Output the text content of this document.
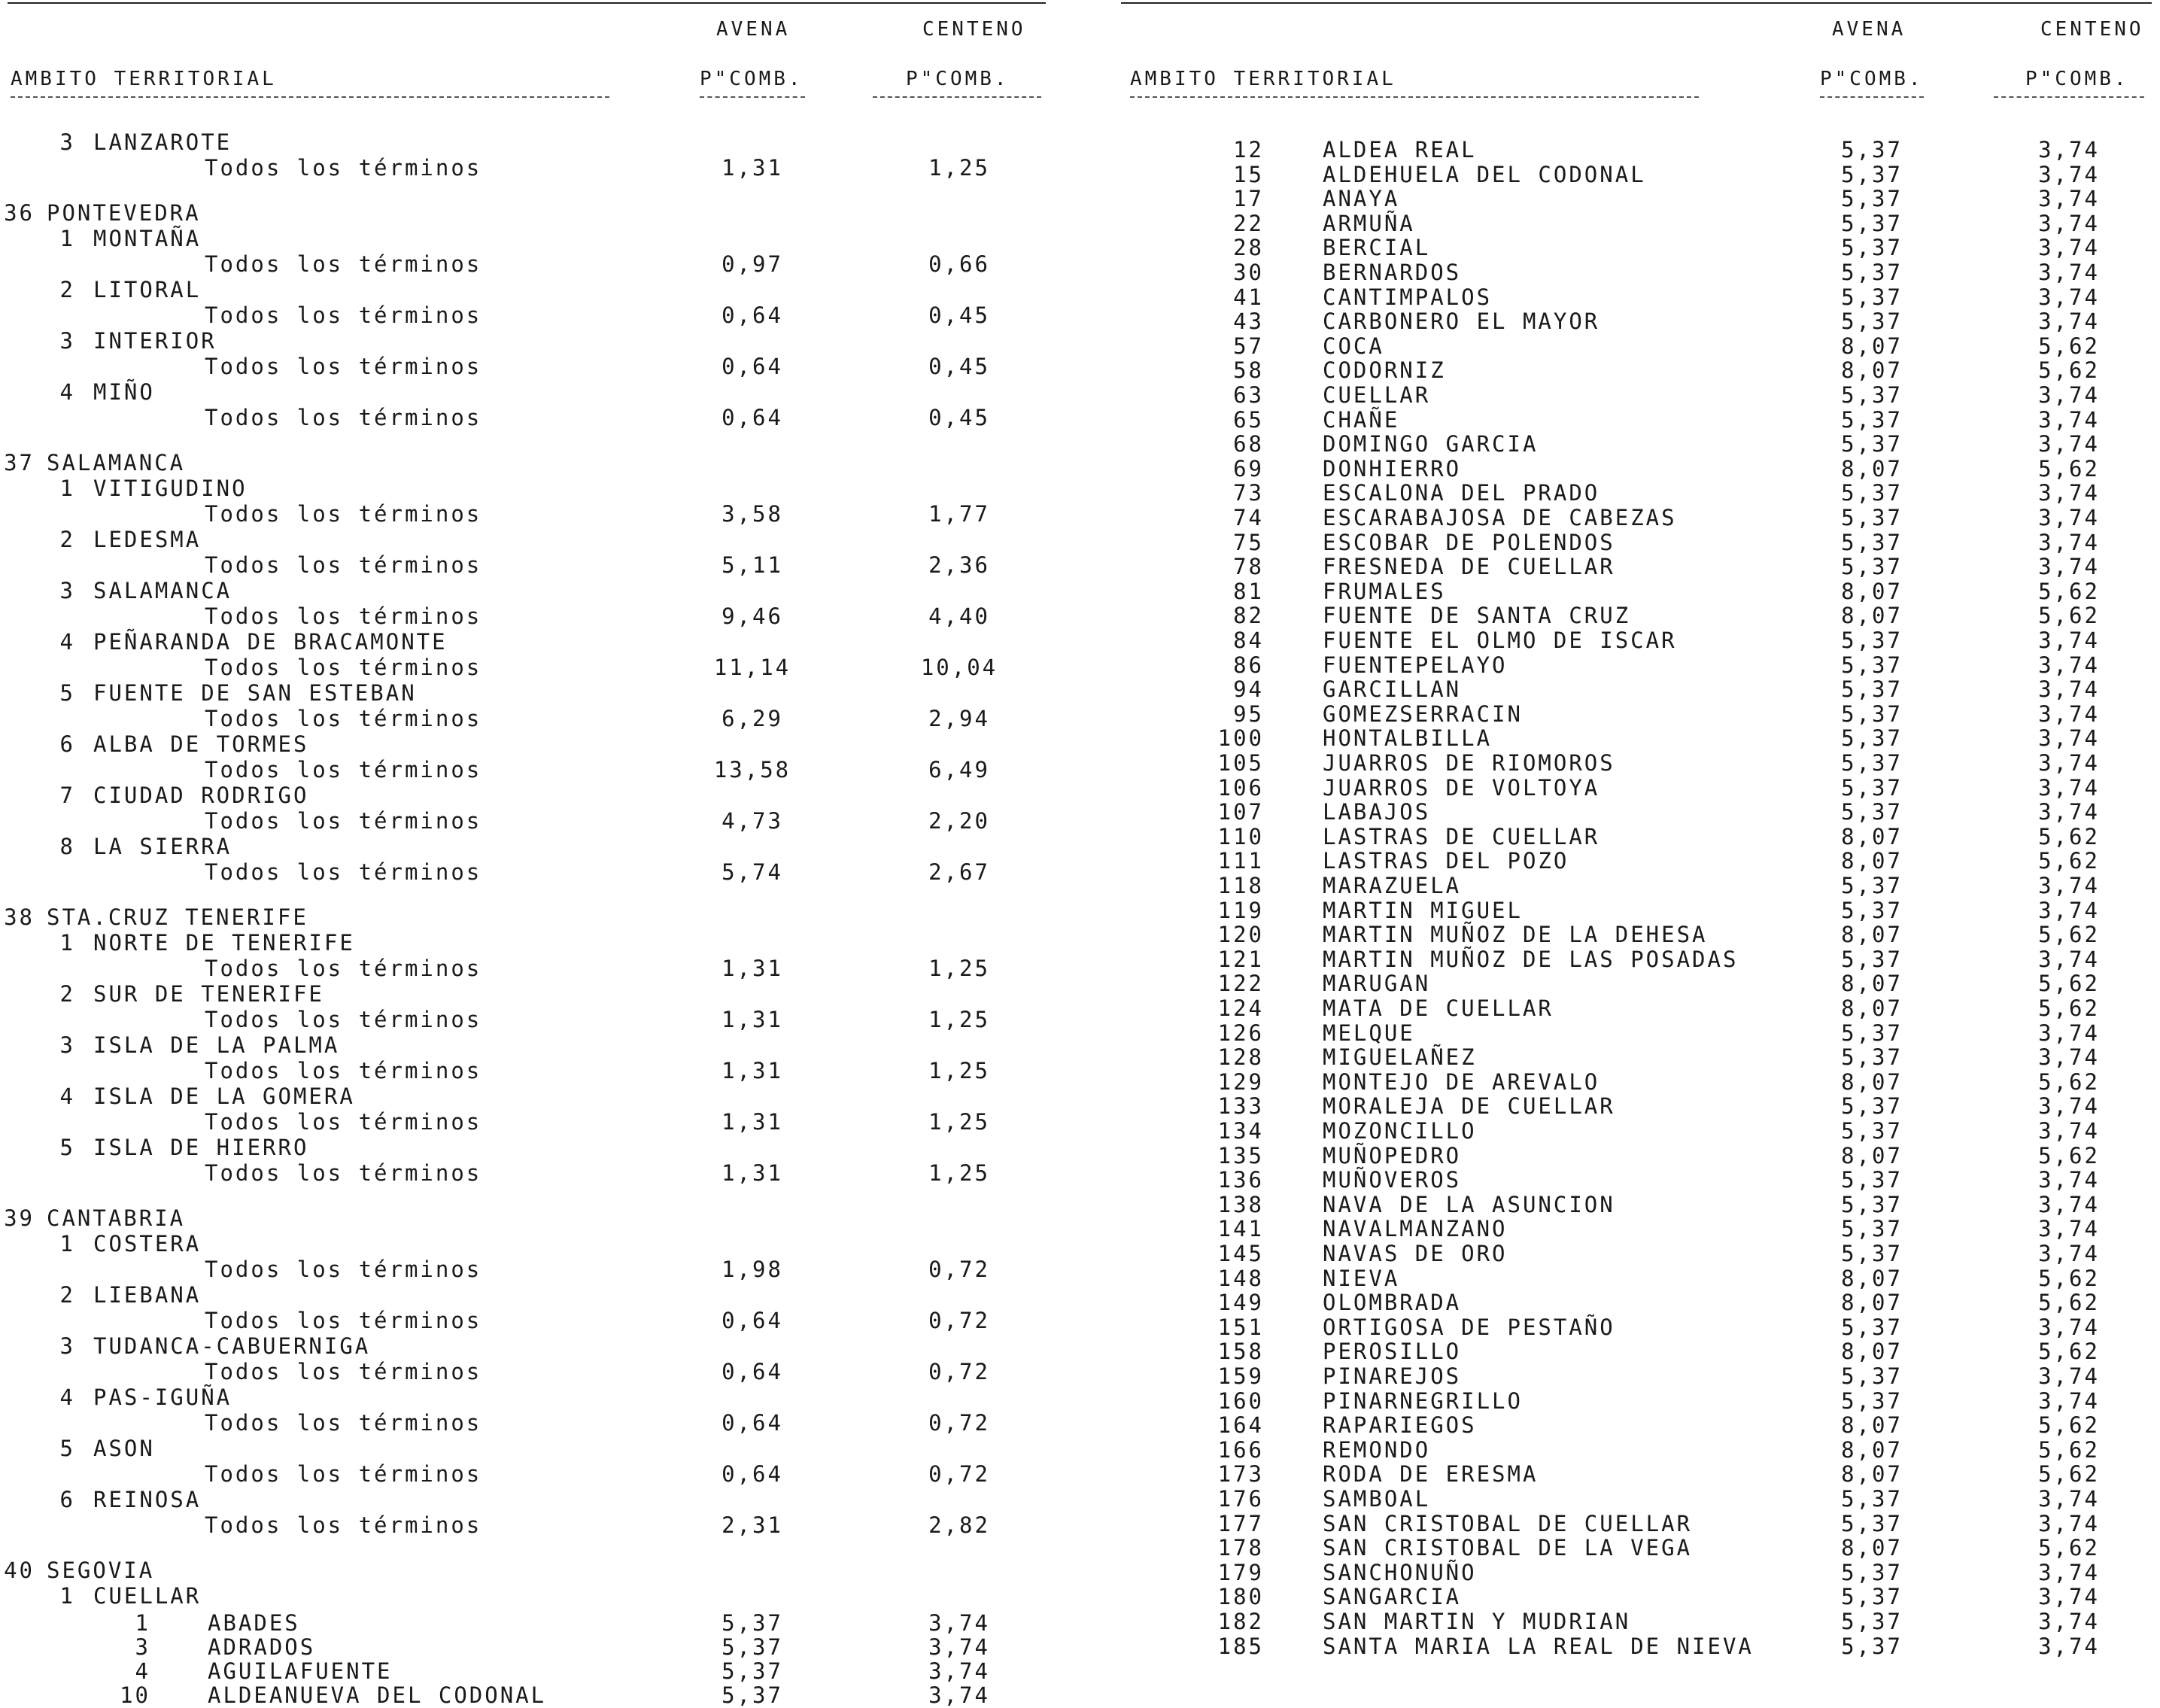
AVENA	CENTENO
AMBITO TERRITORIAL	P"COMB.	P"COMB.
3 LANZAROTE
Todos los términos	1,31	1,25
36 PONTEVEDRA
1 MONTAÑA
Todos los términos	0,97	0,66
2 LITORAL
Todos los términos	0,64	0,45
3 INTERIOR
Todos los términos	0,64	0,45
4 MIÑO
Todos los términos	0,64	0,45
37 SALAMANCA
1 VITIGUDINO
Todos los términos	3,58	1,77
2 LEDESMA
Todos los términos	5,11	2,36
3 SALAMANCA
Todos los términos	9,46	4,40
4 PEÑARANDA DE BRACAMONTE
Todos los términos	11,14	10,04
5 FUENTE DE SAN ESTEBAN
Todos los términos	6,29	2,94
6 ALBA DE TORMES
Todos los términos	13,58	6,49
7 CIUDAD RODRIGO
Todos los términos	4,73	2,20
8 LA SIERRA
Todos los términos	5,74	2,67
38 STA.CRUZ TENERIFE
1 NORTE DE TENERIFE
Todos los términos	1,31	1,25
2 SUR DE TENERIFE
Todos los términos	1,31	1,25
3 ISLA DE LA PALMA
Todos los términos	1,31	1,25
4 ISLA DE LA GOMERA
Todos los términos	1,31	1,25
5 ISLA DE HIERRO
Todos los términos	1,31	1,25
39 CANTABRIA
1 COSTERA
Todos los términos	1,98	0,72
2 LIEBANA
Todos los términos	0,64	0,72
3 TUDANCA-CABUERNIGA
Todos los términos	0,64	0,72
4 PAS-IGUÑA
Todos los términos	0,64	0,72
5 ASON
Todos los términos	0,64	0,72
6 REINOSA
Todos los términos	2,31	2,82
40 SEGOVIA
1 CUELLAR
1	ABADES	5,37	3,74
3	ADRADOS	5,37	3,74
4	AGUILAFUENTE	5,37	3,74
10	ALDEANUEVA DEL CODONAL	5,37	3,74
AVENA	CENTENO
AMBITO TERRITORIAL	P"COMB.	P"COMB.
12	ALDEA REAL	5,37	3,74
15	ALDEHUELA DEL CODONAL	5,37	3,74
17	ANAYA	5,37	3,74
22	ARMUÑA	5,37	3,74
28	BERCIAL	5,37	3,74
30	BERNARDOS	5,37	3,74
41	CANTIMPALOS	5,37	3,74
43	CARBONERO EL MAYOR	5,37	3,74
57	COCA	8,07	5,62
58	CODORNIZ	8,07	5,62
63	CUELLAR	5,37	3,74
65	CHAÑE	5,37	3,74
68	DOMINGO GARCIA	5,37	3,74
69	DONHIERRO	8,07	5,62
73	ESCALONA DEL PRADO	5,37	3,74
74	ESCARABAJOSA DE CABEZAS	5,37	3,74
75	ESCOBAR DE POLENDOS	5,37	3,74
78	FRESNEDA DE CUELLAR	5,37	3,74
81	FRUMALES	8,07	5,62
82	FUENTE DE SANTA CRUZ	8,07	5,62
84	FUENTE EL OLMO DE ISCAR	5,37	3,74
86	FUENTEPELAYO	5,37	3,74
94	GARCILLAN	5,37	3,74
95	GOMEZSERRACIN	5,37	3,74
100	HONTALBILLA	5,37	3,74
105	JUARROS DE RIOMOROS	5,37	3,74
106	JUARROS DE VOLTOYA	5,37	3,74
107	LABAJOS	5,37	3,74
110	LASTRAS DE CUELLAR	8,07	5,62
111	LASTRAS DEL POZO	8,07	5,62
118	MARAZUELA	5,37	3,74
119	MARTIN MIGUEL	5,37	3,74
120	MARTIN MUÑOZ DE LA DEHESA	8,07	5,62
121	MARTIN MUÑOZ DE LAS POSADAS	5,37	3,74
122	MARUGAN	8,07	5,62
124	MATA DE CUELLAR	8,07	5,62
126	MELQUE	5,37	3,74
128	MIGUELAÑEZ	5,37	3,74
129	MONTEJO DE AREVALO	8,07	5,62
133	MORALEJA DE CUELLAR	5,37	3,74
134	MOZONCILLO	5,37	3,74
135	MUÑOPEDRO	8,07	5,62
136	MUÑOVEROS	5,37	3,74
138	NAVA DE LA ASUNCION	5,37	3,74
141	NAVALMANZANO	5,37	3,74
145	NAVAS DE ORO	5,37	3,74
148	NIEVA	8,07	5,62
149	OLOMBRADA	8,07	5,62
151	ORTIGOSA DE PESTAÑO	5,37	3,74
158	PEROSILLO	8,07	5,62
159	PINAREJOS	5,37	3,74
160	PINARNEGRILLO	5,37	3,74
164	RAPARIEGOS	8,07	5,62
166	REMONDO	8,07	5,62
173	RODA DE ERESMA	8,07	5,62
176	SAMBOAL	5,37	3,74
177	SAN CRISTOBAL DE CUELLAR	5,37	3,74
178	SAN CRISTOBAL DE LA VEGA	8,07	5,62
179	SANCHONUÑO	5,37	3,74
180	SANGARCIA	5,37	3,74
182	SAN MARTIN Y MUDRIAN	5,37	3,74
185	SANTA MARIA LA REAL DE NIEVA	5,37	3,74
